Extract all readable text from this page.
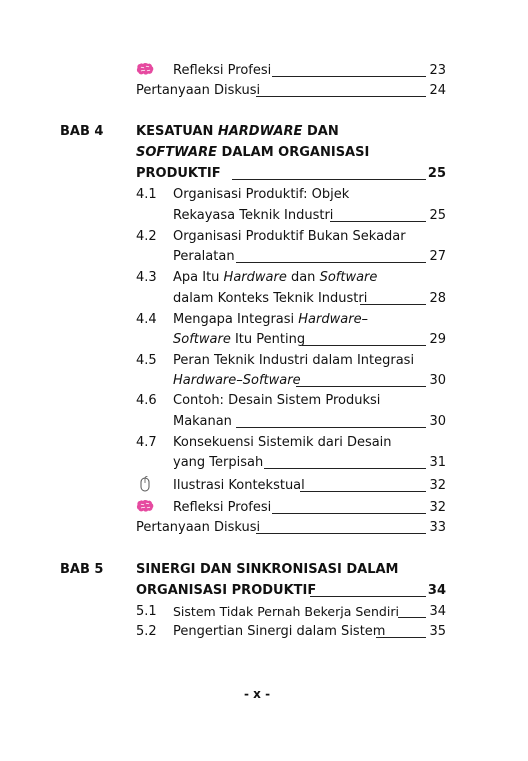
Refleksi Profesi	23
Pertanyaan Diskusi	24
BAB 4	KESATUAN HARDWARE DAN
SOFTWARE DALAM ORGANISASI
PRODUKTIF	25
4.1 Organisasi Produktif: Objek
Rekayasa Teknik Industri	25
4.2 Organisasi Produktif Bukan Sekadar
Peralatan	27
4.3 Apa Itu Hardware dan Software
dalam Konteks Teknik Industri	28
4.4 Mengapa Integrasi Hardware–
Software Itu Penting	29
4.5 Peran Teknik Industri dalam Integrasi
Hardware–Software	30
4.6 Contoh: Desain Sistem Produksi
Makanan	30
4.7 Konsekuensi Sistemik dari Desain
yang Terpisah	31
Ilustrasi Kontekstual	32
Refleksi Profesi	32
Pertanyaan Diskusi	33
BAB 5	SINERGI DAN SINKRONISASI DALAM
ORGANISASI PRODUKTIF	34
5.1 Sistem Tidak Pernah Bekerja Sendiri	34
5.2 Pengertian Sinergi dalam Sistem	35
- x -
